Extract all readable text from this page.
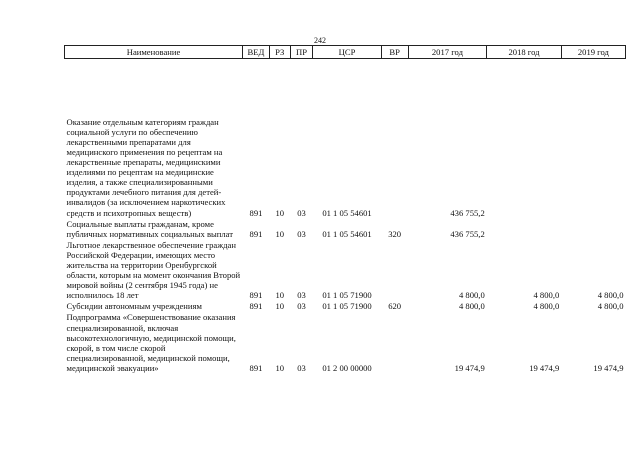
242
Наименование	ВЕД	РЗ	ПР	ЦСР	ВР	2017 год	2018 год	2019 год

Оказание отдельным категориям граждан социальной услуги по обеспечению лекарственными препаратами для медицинского применения по рецептам на лекарственные препараты, медицинскими изделиями по рецептам на медицинские изделия, а также специализированными продуктами лечебного питания для детей-инвалидов (за исключением наркотических средств и психотропных веществ)	891	10	03	01 1 05 54601		436 755,2		

Социальные выплаты гражданам, кроме публичных нормативных социальных выплат	891	10	03	01 1 05 54601	320	436 755,2		

Льготное лекарственное обеспечение граждан Российской Федерации, имеющих место жительства на территории Оренбургской области, которым на момент окончания Второй мировой войны (2 сентября 1945 года) не исполнилось 18 лет	891	10	03	01 1 05 71900		4 800,0	4 800,0	4 800,0

Субсидии автономным учреждениям	891	10	03	01 1 05 71900	620	4 800,0	4 800,0	4 800,0

Подпрограмма «Совершенствование оказания специализированной, включая высокотехнологичную, медицинской помощи, скорой, в том числе скорой специализированной, медицинской помощи, медицинской эвакуации»	891	10	03	01 2 00 00000		19 474,9	19 474,9	19 474,9
